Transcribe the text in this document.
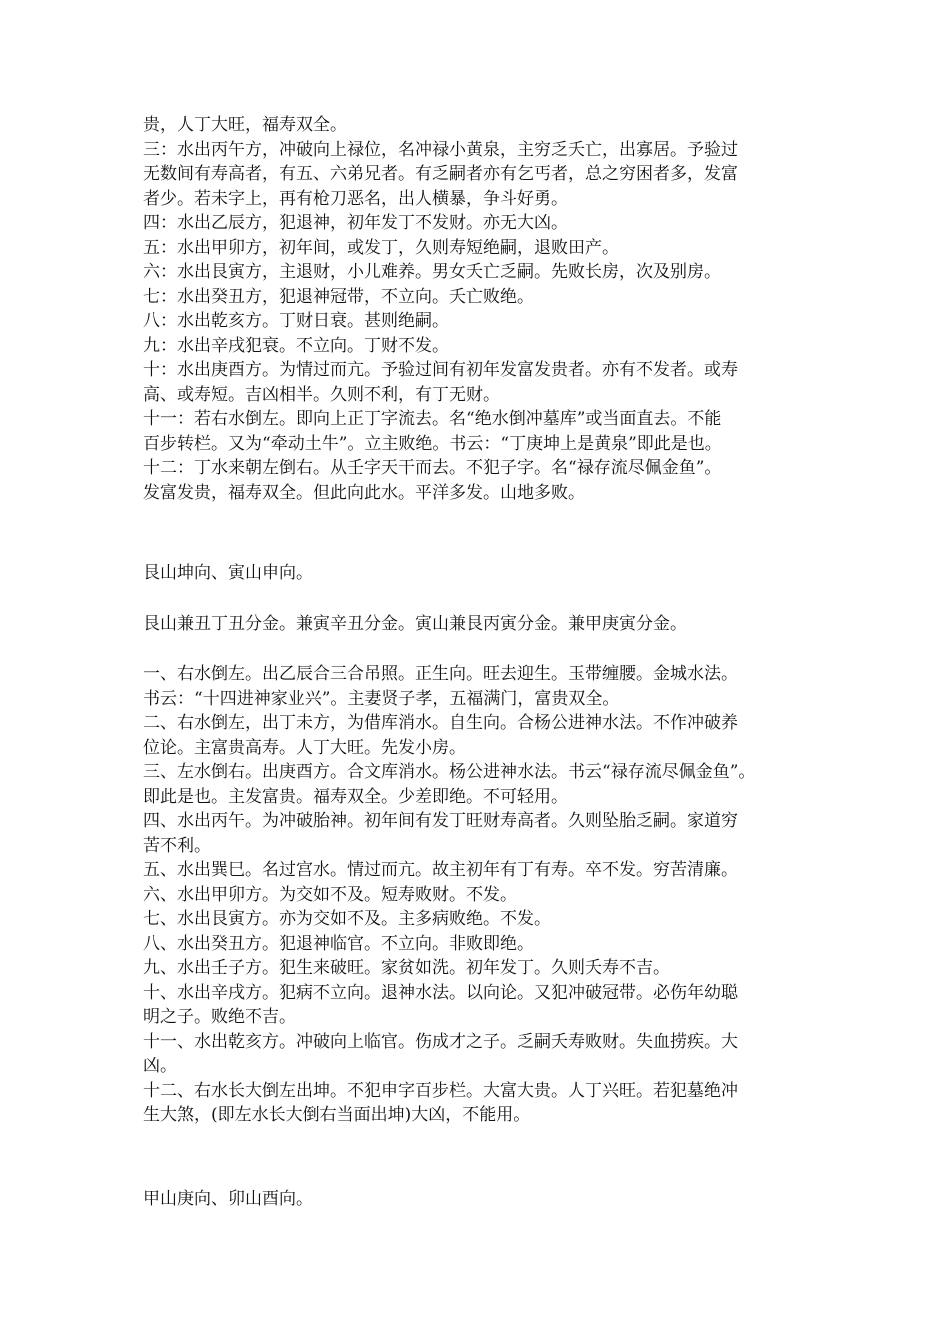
贵，人丁大旺，福寿双全。
三：水出丙午方，冲破向上禄位，名冲禄小黄泉，主穷乏夭亡，出寡居。予验过
无数间有寿高者，有五、六弟兄者。有乏嗣者亦有乞丐者，总之穷困者多，发富
者少。若未字上，再有枪刀恶名，出人横暴，争斗好勇。
四：水出乙辰方，犯退神，初年发丁不发财。亦无大凶。
五：水出甲卯方，初年间，或发丁，久则寿短绝嗣，退败田产。
六：水出艮寅方，主退财，小儿难养。男女夭亡乏嗣。先败长房，次及别房。
七：水出癸丑方，犯退神冠带，不立向。夭亡败绝。
八：水出乾亥方。丁财日衰。甚则绝嗣。
九：水出辛戌犯衰。不立向。丁财不发。
十：水出庚酉方。为情过而亢。予验过间有初年发富发贵者。亦有不发者。或寿
高、或寿短。吉凶相半。久则不利，有丁无财。
十一：若右水倒左。即向上正丁字流去。名“绝水倒冲墓库”或当面直去。不能
百步转栏。又为“牵动土牛”。立主败绝。书云：“丁庚坤上是黄泉”即此是也。
十二：丁水来朝左倒右。从壬字天干而去。不犯子字。名“禄存流尽佩金鱼”。
发富发贵，福寿双全。但此向此水。平洋多发。山地多败。
艮山坤向、寅山申向。
艮山兼丑丁丑分金。兼寅辛丑分金。寅山兼艮丙寅分金。兼甲庚寅分金。
一、右水倒左。出乙辰合三合吊照。正生向。旺去迎生。玉带缠腰。金城水法。
书云：“十四进神家业兴”。主妻贤子孝，五福满门，富贵双全。
二、右水倒左，出丁未方，为借库消水。自生向。合杨公进神水法。不作冲破养
位论。主富贵高寿。人丁大旺。先发小房。
三、左水倒右。出庚酉方。合文库消水。杨公进神水法。书云“禄存流尽佩金鱼”。
即此是也。主发富贵。福寿双全。少差即绝。不可轻用。
四、水出丙午。为冲破胎神。初年间有发丁旺财寿高者。久则坠胎乏嗣。家道穷
苦不利。
五、水出巽巳。名过宫水。情过而亢。故主初年有丁有寿。卒不发。穷苦清廉。
六、水出甲卯方。为交如不及。短寿败财。不发。
七、水出艮寅方。亦为交如不及。主多病败绝。不发。
八、水出癸丑方。犯退神临官。不立向。非败即绝。
九、水出壬子方。犯生来破旺。家贫如洗。初年发丁。久则夭寿不吉。
十、水出辛戌方。犯病不立向。退神水法。以向论。又犯冲破冠带。必伤年幼聪
明之子。败绝不吉。
十一、水出乾亥方。冲破向上临官。伤成才之子。乏嗣夭寿败财。失血捞疾。大
凶。
十二、右水长大倒左出坤。不犯申字百步栏。大富大贵。人丁兴旺。若犯墓绝冲
生大煞，(即左水长大倒右当面出坤)大凶，不能用。
甲山庚向、卯山酉向。
